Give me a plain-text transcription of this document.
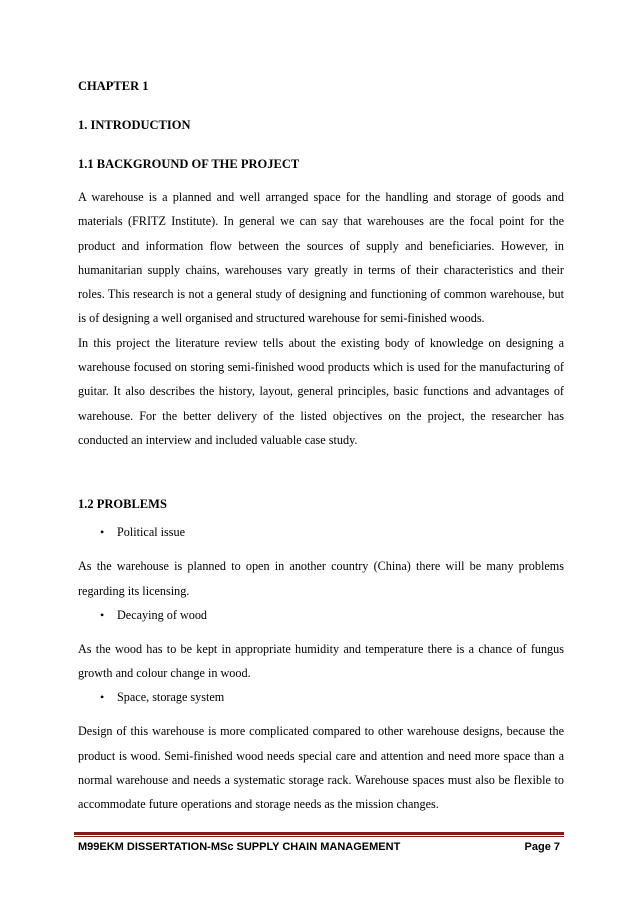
CHAPTER 1
1. INTRODUCTION
1.1 BACKGROUND OF THE PROJECT

A warehouse is a planned and well arranged space for the handling and storage of goods and materials (FRITZ Institute). In general we can say that warehouses are the focal point for the product and information flow between the sources of supply and beneficiaries. However, in humanitarian supply chains, warehouses vary greatly in terms of their characteristics and their roles. This research is not a general study of designing and functioning of common warehouse, but is of designing a well organised and structured warehouse for semi-finished woods.

In this project the literature review tells about the existing body of knowledge on designing a warehouse focused on storing semi-finished wood products which is used for the manufacturing of guitar. It also describes the history, layout, general principles, basic functions and advantages of warehouse. For the better delivery of the listed objectives on the project, the researcher has conducted an interview and included valuable case study.

1.2 PROBLEMS
•	Political issue

As the warehouse is planned to open in another country (China) there will be many problems regarding its licensing.

•	Decaying of wood

As the wood has to be kept in appropriate humidity and temperature there is a chance of fungus growth and colour change in wood.

•	Space, storage system

Design of this warehouse is more complicated compared to other warehouse designs, because the product is wood. Semi-finished wood needs special care and attention and need more space than a normal warehouse and needs a systematic storage rack. Warehouse spaces must also be flexible to accommodate future operations and storage needs as the mission changes.

M99EKM DISSERTATION-MSc SUPPLY CHAIN MANAGEMENT	Page 7
